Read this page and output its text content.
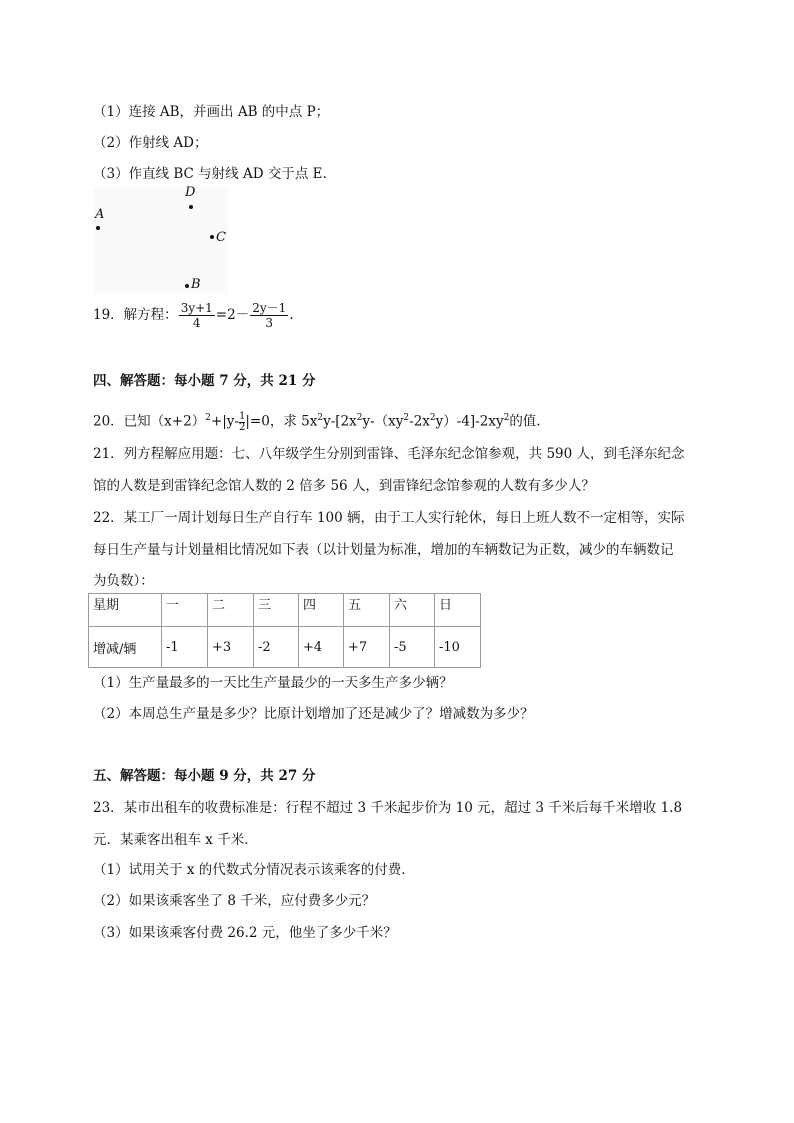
（1）连接 AB，并画出 AB 的中点 P；
（2）作射线 AD；
（3）作直线 BC 与射线 AD 交于点 E.
D
A
C
B
19．解方程： $\frac{3y+1}{4} =2- \frac{2y-1}{3}$ .
四、解答题：每小题 7 分，共 21 分
20．已知$(x+2)^2+|y- \frac{1}{2}|=0$，求 $5x^2y-[2x^2y-(xy^2-2x^2y)-4]-2xy^2$的值.
21．列方程解应用题：七、八年级学生分别到雷锋、毛泽东纪念馆参观，共 590 人，到毛泽东纪念
馆的人数是到雷锋纪念馆人数的 2 倍多 56 人，到雷锋纪念馆参观的人数有多少人？
22．某工厂一周计划每日生产自行车 100 辆，由于工人实行轮休，每日上班人数不一定相等，实际
每日生产量与计划量相比情况如下表（以计划量为标准，增加的车辆数记为正数，减少的车辆数记
为负数）：
星期	一	二	三	四	五	六	日
增减/辆	-1	+3	-2	+4	+7	-5	-10
（1）生产量最多的一天比生产量最少的一天多生产多少辆？
（2）本周总生产量是多少？比原计划增加了还是减少了？增减数为多少？
五、解答题：每小题 9 分，共 27 分
23．某市出租车的收费标准是：行程不超过 3 千米起步价为 10 元，超过 3 千米后每千米增收 1.8
元．某乘客出租车 x 千米．
（1）试用关于 x 的代数式分情况表示该乘客的付费．
（2）如果该乘客坐了 8 千米，应付费多少元？
（3）如果该乘客付费 26.2 元，他坐了多少千米？
